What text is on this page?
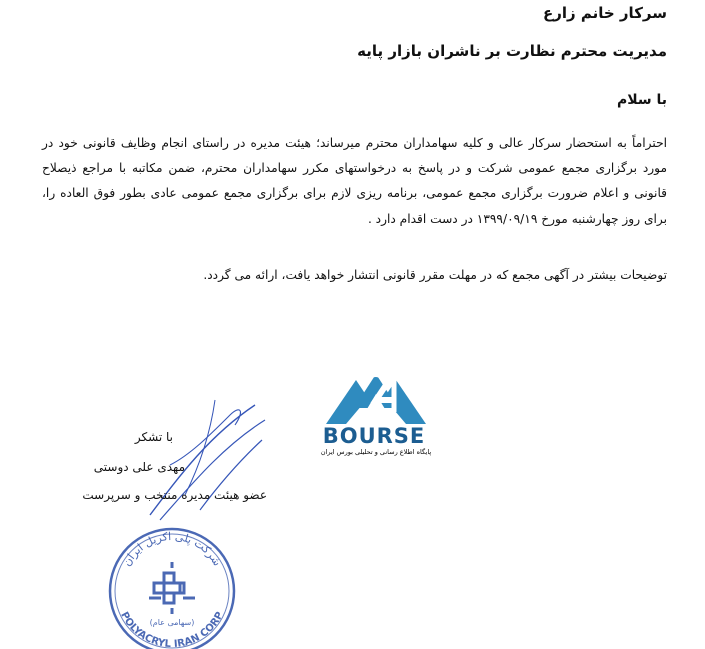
سرکار خانم زارع
مدیریت محترم نظارت بر ناشران بازار پایه
با سلام
احتراماً به استحضار سرکار عالی و کلیه سهامداران محترم میرساند؛ هیئت مدیره در راستای انجام وظایف قانونی خود در مورد برگزاری مجمع عمومی شرکت و در پاسخ به درخواستهای مکرر سهامداران محترم، ضمن مکاتبه با مراجع ذیصلاح قانونی و اعلام ضرورت برگزاری مجمع عمومی، برنامه ریزی لازم برای برگزاری مجمع عمومی عادی بطور فوق العاده را، برای روز چهارشنبه مورخ ۱۳۹۹/۰۹/۱۹ در دست اقدام دارد .
توضیحات بیشتر در آگهی مجمع که در مهلت مقرر قانونی انتشار خواهد یافت، ارائه می گردد.
BOURSE
پایگاه اطلاع رسانی و تحلیلی بورس ایران
با تشکر
مهدی علی دوستی
عضو هیئت مدیره منتخب و سرپرست
شرکت پلی اکریل ایران
POLYACRYL IRAN CORP
(سهامی عام)
